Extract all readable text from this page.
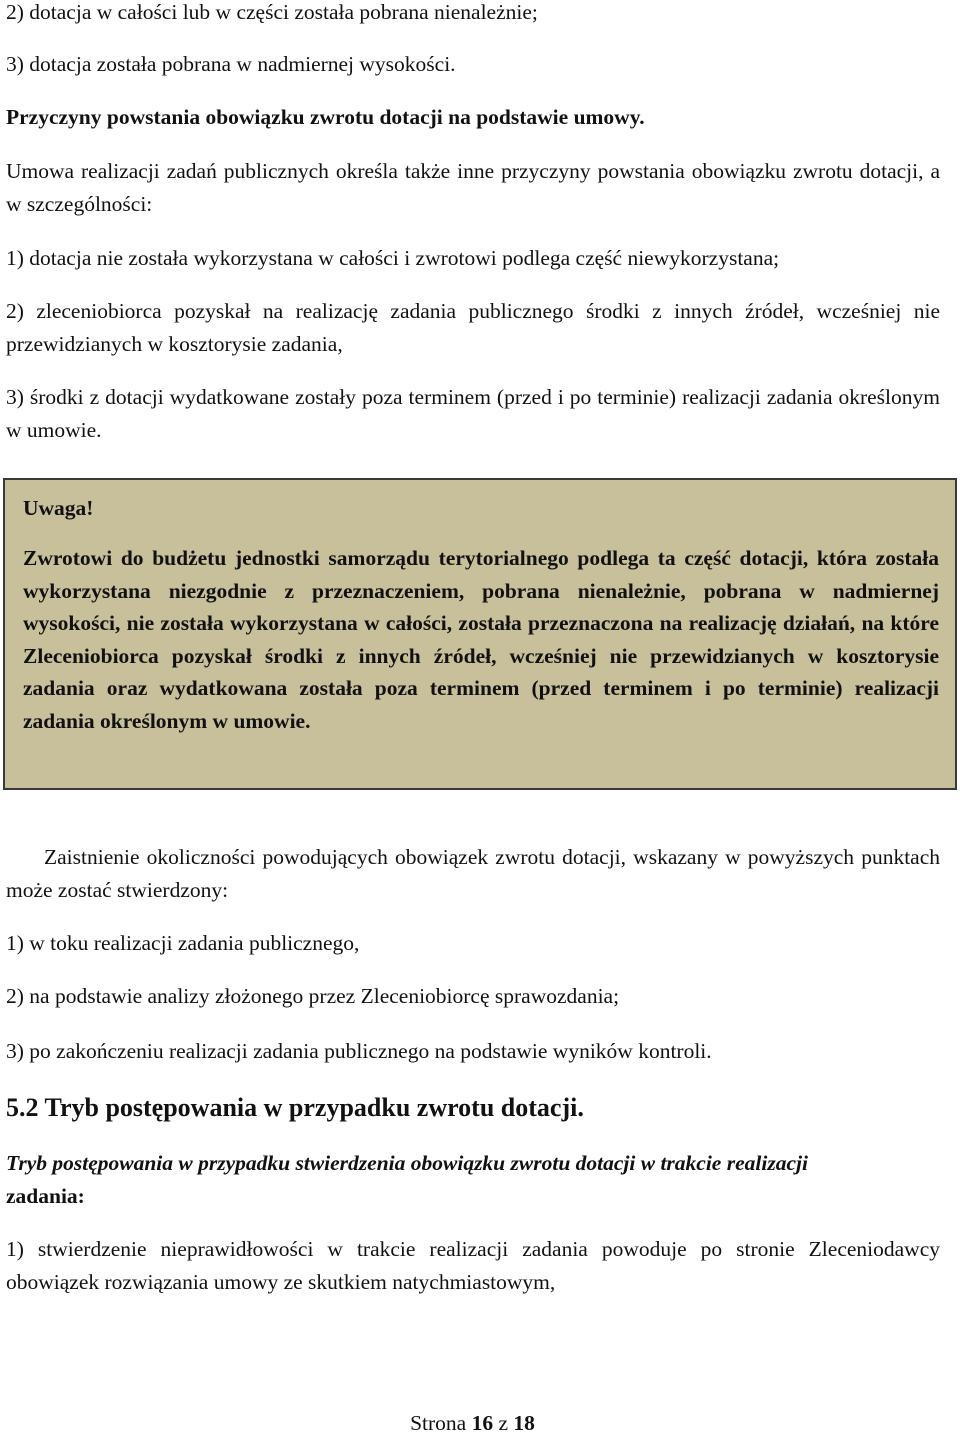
2) dotacja w całości lub w części została pobrana nienależnie;

3) dotacja została pobrana w nadmiernej wysokości.

Przyczyny powstania obowiązku zwrotu dotacji na podstawie umowy.

Umowa realizacji zadań publicznych określa także inne przyczyny powstania obowiązku zwrotu dotacji, a w szczególności:

1) dotacja nie została wykorzystana w całości i zwrotowi podlega część niewykorzystana;

2) zleceniobiorca pozyskał na realizację zadania publicznego środki z innych źródeł, wcześniej nie przewidzianych w kosztorysie zadania,

3) środki z dotacji wydatkowane zostały poza terminem (przed i po terminie) realizacji zadania określonym w umowie.

Uwaga!
Zwrotowi do budżetu jednostki samorządu terytorialnego podlega ta część dotacji, która została wykorzystana niezgodnie z przeznaczeniem, pobrana nienależnie, pobrana w nadmiernej wysokości, nie została wykorzystana w całości, została przeznaczona na realizację działań, na które Zleceniobiorca pozyskał środki z innych źródeł, wcześniej nie przewidzianych w kosztorysie zadania oraz wydatkowana została poza terminem (przed terminem i po terminie) realizacji zadania określonym w umowie.

Zaistnienie okoliczności powodujących obowiązek zwrotu dotacji, wskazany w powyższych punktach może zostać stwierdzony:

1) w toku realizacji zadania publicznego,

2) na podstawie analizy złożonego przez Zleceniobiorcę sprawozdania;

3) po zakończeniu realizacji zadania publicznego na podstawie wyników kontroli.

5.2 Tryb postępowania w przypadku zwrotu dotacji.

Tryb postępowania w przypadku stwierdzenia obowiązku zwrotu dotacji w trakcie realizacji
zadania:

1) stwierdzenie nieprawidłowości w trakcie realizacji zadania powoduje po stronie Zleceniodawcy obowiązek rozwiązania umowy ze skutkiem natychmiastowym,

Strona 16 z 18
